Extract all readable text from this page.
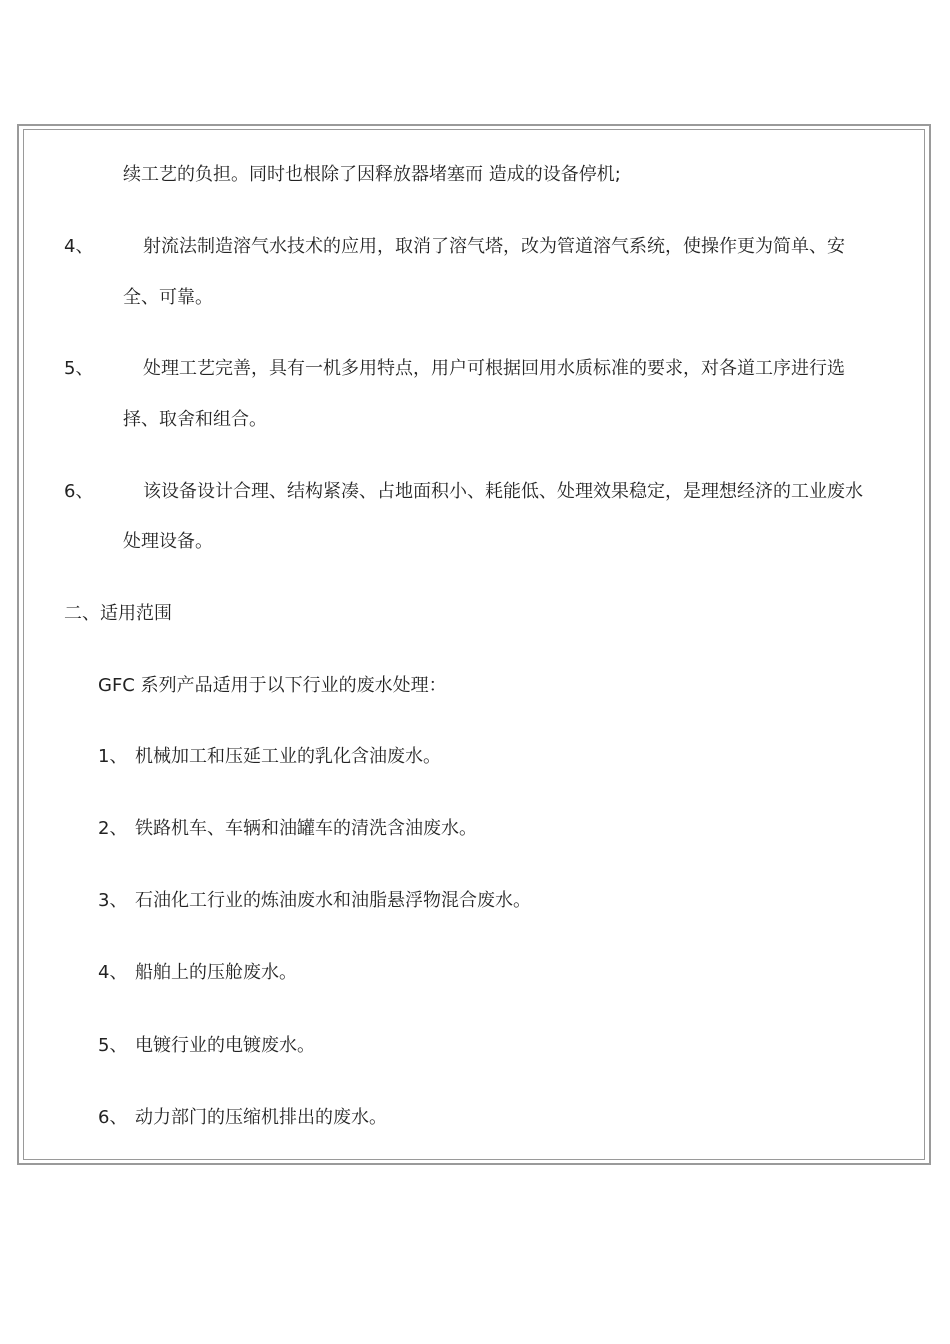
续工艺的负担。同时也根除了因释放器堵塞而 造成的设备停机;
4、	射流法制造溶气水技术的应用，取消了溶气塔，改为管道溶气系统，使操作更为简单、安
全、可靠。
5、	处理工艺完善，具有一机多用特点，用户可根据回用水质标准的要求，对各道工序进行选
择、取舍和组合。
6、	该设备设计合理、结构紧凑、占地面积小、耗能低、处理效果稳定，是理想经济的工业废水
处理设备。
二、适用范围
GFC 系列产品适用于以下行业的废水处理：
1、 机械加工和压延工业的乳化含油废水。
2、 铁路机车、车辆和油罐车的清洗含油废水。
3、 石油化工行业的炼油废水和油脂悬浮物混合废水。
4、 船舶上的压舱废水。
5、 电镀行业的电镀废水。
6、 动力部门的压缩机排出的废水。
